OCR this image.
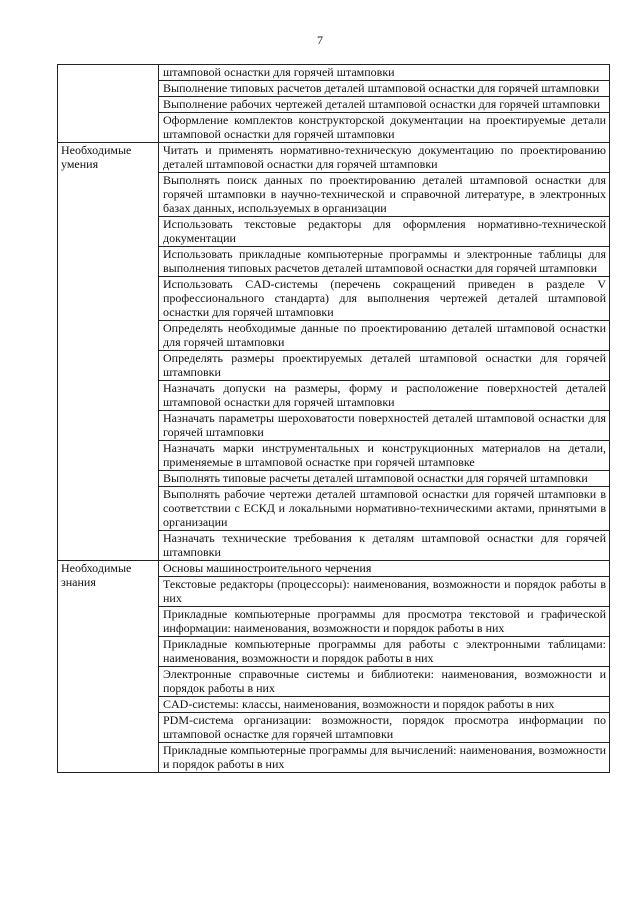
7
	штамповой оснастки для горячей штамповки
	Выполнение типовых расчетов деталей штамповой оснастки для горячей штамповки
	Выполнение рабочих чертежей деталей штамповой оснастки для горячей штамповки
	Оформление комплектов конструкторской документации на проектируемые детали штамповой оснастки для горячей штамповки
Необходимые умения	Читать и применять нормативно-техническую документацию по проектированию деталей штамповой оснастки для горячей штамповки
	Выполнять поиск данных по проектированию деталей штамповой оснастки для горячей штамповки в научно-технической и справочной литературе, в электронных базах данных, используемых в организации
	Использовать текстовые редакторы для оформления нормативно-технической документации
	Использовать прикладные компьютерные программы и электронные таблицы для выполнения типовых расчетов деталей штамповой оснастки для горячей штамповки
	Использовать CAD-системы (перечень сокращений приведен в разделе V профессионального стандарта) для выполнения чертежей деталей штамповой оснастки для горячей штамповки
	Определять необходимые данные по проектированию деталей штамповой оснастки для горячей штамповки
	Определять размеры проектируемых деталей штамповой оснастки для горячей штамповки
	Назначать допуски на размеры, форму и расположение поверхностей деталей штамповой оснастки для горячей штамповки
	Назначать параметры шероховатости поверхностей деталей штамповой оснастки для горячей штамповки
	Назначать марки инструментальных и конструкционных материалов на детали, применяемые в штамповой оснастке при горячей штамповке
	Выполнять типовые расчеты деталей штамповой оснастки для горячей штамповки
	Выполнять рабочие чертежи деталей штамповой оснастки для горячей штамповки в соответствии с ЕСКД и локальными нормативно-техническими актами, принятыми в организации
	Назначать технические требования к деталям штамповой оснастки для горячей штамповки
Необходимые знания	Основы машиностроительного черчения
	Текстовые редакторы (процессоры): наименования, возможности и порядок работы в них
	Прикладные компьютерные программы для просмотра текстовой и графической информации: наименования, возможности и порядок работы в них
	Прикладные компьютерные программы для работы с электронными таблицами: наименования, возможности и порядок работы в них
	Электронные справочные системы и библиотеки: наименования, возможности и порядок работы в них
	CAD-системы: классы, наименования, возможности и порядок работы в них
	PDM-система организации: возможности, порядок просмотра информации по штамповой оснастке для горячей штамповки
	Прикладные компьютерные программы для вычислений: наименования, возможности и порядок работы в них
